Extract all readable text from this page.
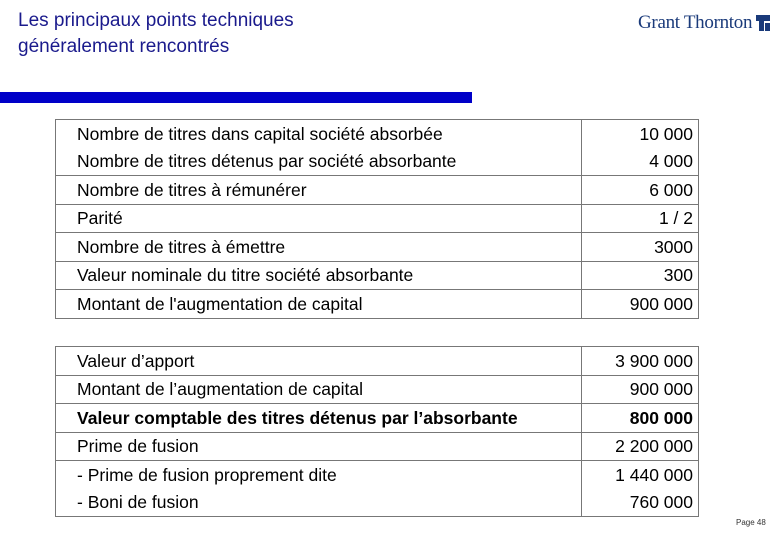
Les principaux points techniques
généralement rencontrés
Grant Thornton
Nombre de titres dans capital société absorbée	10 000
Nombre de titres détenus par société absorbante	4 000
Nombre de titres à rémunérer	6 000
Parité	1 / 2
Nombre de titres à émettre	3000
Valeur nominale du titre société absorbante	300
Montant de l'augmentation de capital	900 000
Valeur d’apport	3 900 000
Montant de l’augmentation de capital	900 000
Valeur comptable des titres détenus par l’absorbante	800 000
Prime de fusion	2 200 000
- Prime de fusion proprement dite	1 440 000
- Boni de fusion	760 000
Page 48
